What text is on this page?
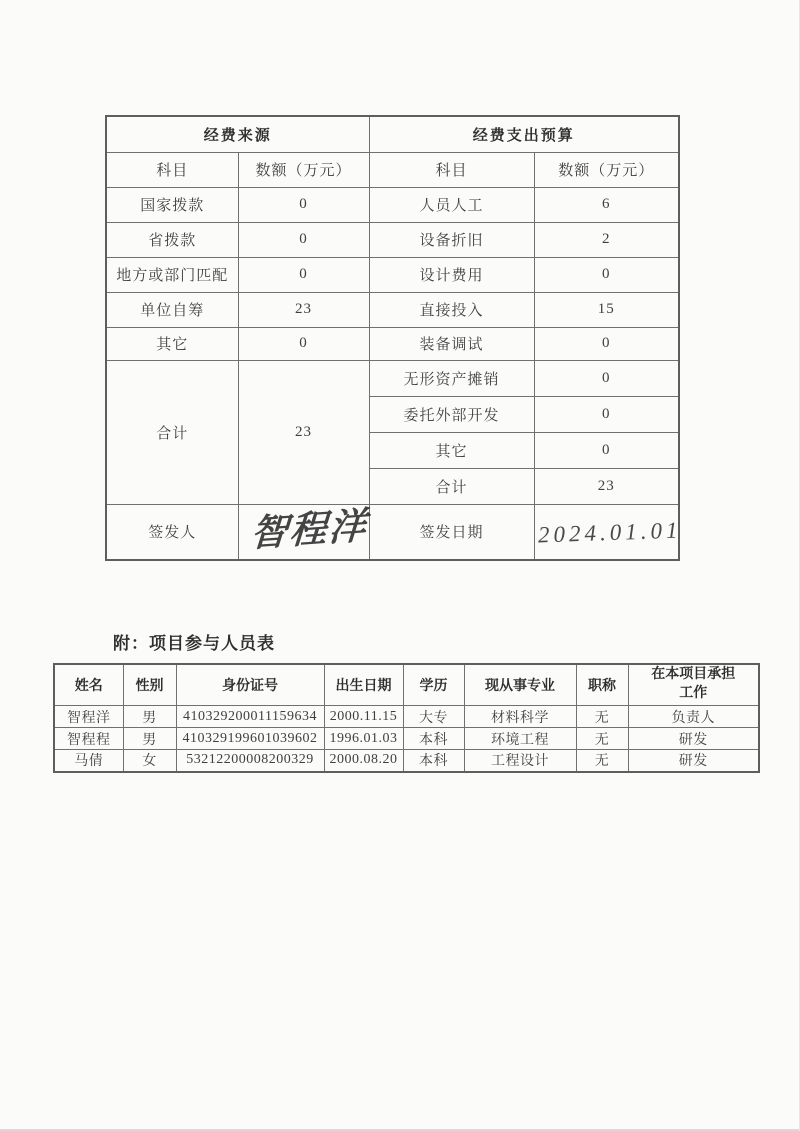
经费来源		经费支出预算	
科目	数额（万元）	科目	数额（万元）
国家拨款	0	人员人工	6
省拨款	0	设备折旧	2
地方或部门匹配	0	设计费用	0
单位自筹	23	直接投入	15
其它	0	装备调试	0
合计	23	无形资产摊销	0
		委托外部开发	0
		其它	0
		合计	23
签发人	智程洋	签发日期	2024.01.01
附：项目参与人员表
姓名	性别	身份证号	出生日期	学历	现从事专业	职称	在本项目承担工作
智程洋	男	410329200011159634	2000.11.15	大专	材料科学	无	负责人
智程程	男	410329199601039602	1996.01.03	本科	环境工程	无	研发
马倩	女	53212200008200329	2000.08.20	本科	工程设计	无	研发
